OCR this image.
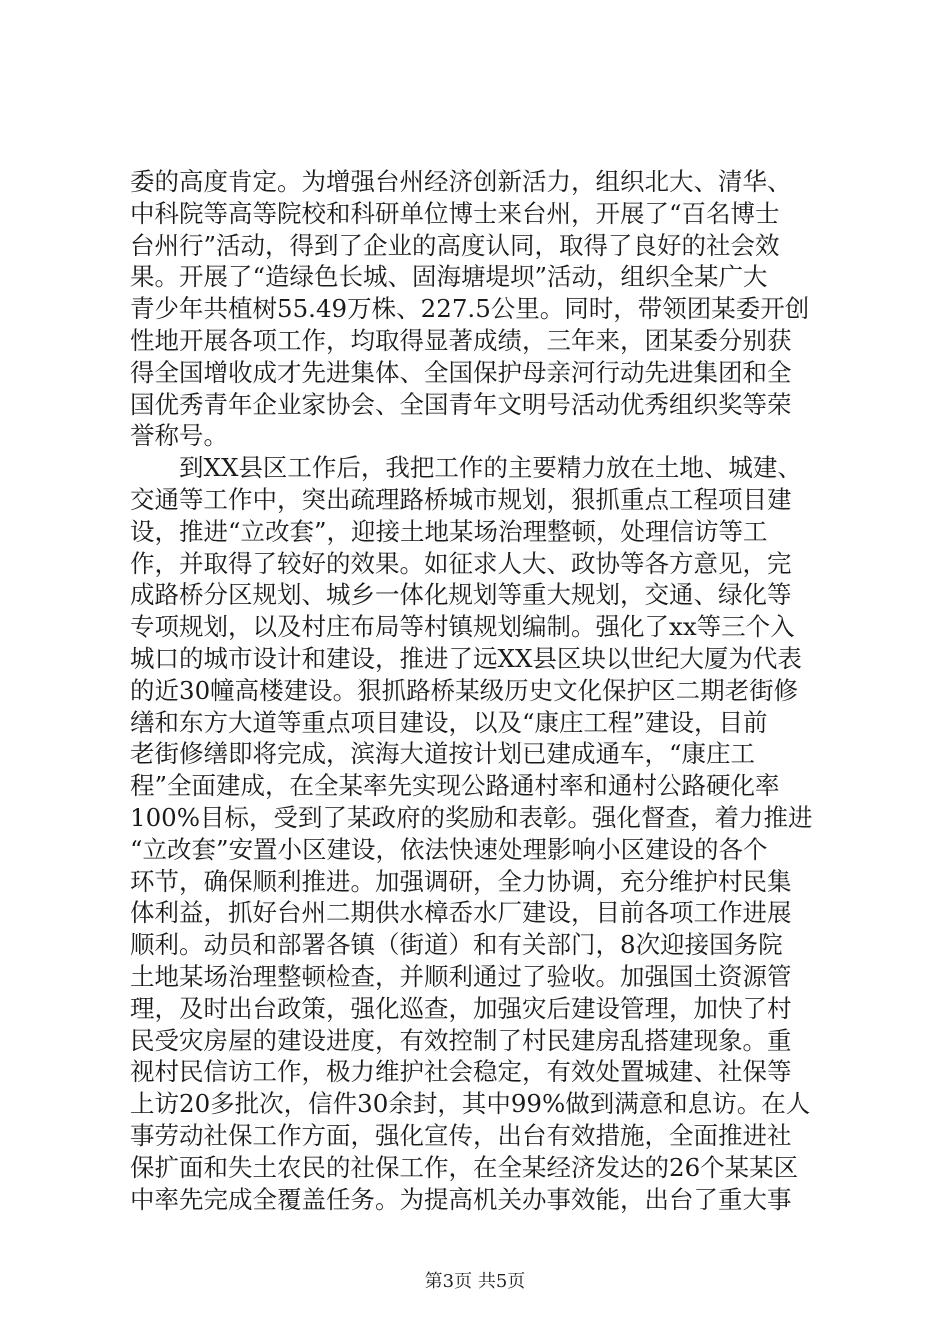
委的高度肯定。为增强台州经济创新活力，组织北大、清华、
中科院等高等院校和科研单位博士来台州，开展了“百名博士
台州行”活动，得到了企业的高度认同，取得了良好的社会效
果。开展了“造绿色长城、固海塘堤坝”活动，组织全某广大
青少年共植树55.49万株、227.5公里。同时，带领团某委开创
性地开展各项工作，均取得显著成绩，三年来，团某委分别获
得全国增收成才先进集体、全国保护母亲河行动先进集团和全
国优秀青年企业家协会、全国青年文明号活动优秀组织奖等荣
誉称号。
　　到XX县区工作后，我把工作的主要精力放在土地、城建、
交通等工作中，突出疏理路桥城市规划，狠抓重点工程项目建
设，推进“立改套”，迎接土地某场治理整顿，处理信访等工
作，并取得了较好的效果。如征求人大、政协等各方意见，完
成路桥分区规划、城乡一体化规划等重大规划，交通、绿化等
专项规划，以及村庄布局等村镇规划编制。强化了xx等三个入
城口的城市设计和建设，推进了远XX县区块以世纪大厦为代表
的近30幢高楼建设。狠抓路桥某级历史文化保护区二期老街修
缮和东方大道等重点项目建设，以及“康庄工程”建设，目前
老街修缮即将完成，滨海大道按计划已建成通车，“康庄工
程”全面建成，在全某率先实现公路通村率和通村公路硬化率
100%目标，受到了某政府的奖励和表彰。强化督查，着力推进
“立改套”安置小区建设，依法快速处理影响小区建设的各个
环节，确保顺利推进。加强调研，全力协调，充分维护村民集
体利益，抓好台州二期供水樟岙水厂建设，目前各项工作进展
顺利。动员和部署各镇（街道）和有关部门，8次迎接国务院
土地某场治理整顿检查，并顺利通过了验收。加强国土资源管
理，及时出台政策，强化巡查，加强灾后建设管理，加快了村
民受灾房屋的建设进度，有效控制了村民建房乱搭建现象。重
视村民信访工作，极力维护社会稳定，有效处置城建、社保等
上访20多批次，信件30余封，其中99%做到满意和息访。在人
事劳动社保工作方面，强化宣传，出台有效措施，全面推进社
保扩面和失土农民的社保工作，在全某经济发达的26个某某区
中率先完成全覆盖任务。为提高机关办事效能，出台了重大事
第3页 共5页
